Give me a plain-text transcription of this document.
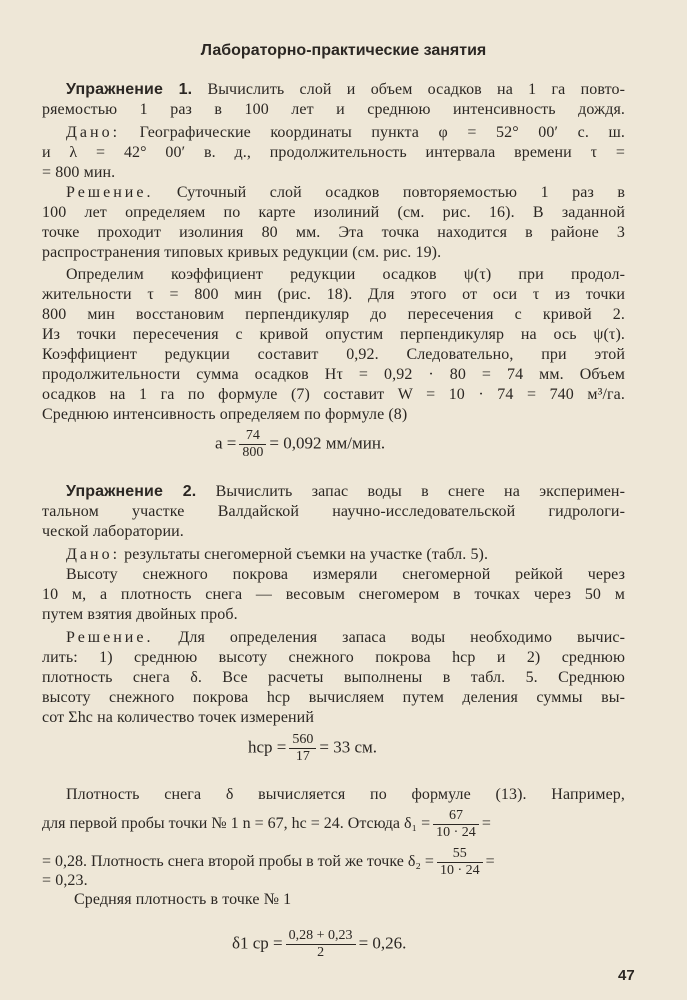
Лабораторно-практические занятия
Упражнение 1. Вычислить слой и объем осадков на 1 га повто-
ряемостью 1 раз в 100 лет и среднюю интенсивность дождя.
Дано: Географические координаты пункта φ = 52° 00′ с. ш.
и λ = 42° 00′ в. д., продолжительность интервала времени τ =
= 800 мин.
Решение. Суточный слой осадков повторяемостью 1 раз в
100 лет определяем по карте изолиний (см. рис. 16). В заданной
точке проходит изолиния 80 мм. Эта точка находится в районе 3
распространения типовых кривых редукции (см. рис. 19).
Определим коэффициент редукции осадков ψ(τ) при продол-
жительности τ = 800 мин (рис. 18). Для этого от оси τ из точки
800 мин восстановим перпендикуляр до пересечения с кривой 2.
Из точки пересечения с кривой опустим перпендикуляр на ось ψ(τ).
Коэффициент редукции составит 0,92. Следовательно, при этой
продолжительности сумма осадков Hτ = 0,92 · 80 = 74 мм. Объем
осадков на 1 га по формуле (7) составит W = 10 · 74 = 740 м³/га.
Среднюю интенсивность определяем по формуле (8)
$a = \frac{74}{800} = 0,092$ мм/мин.
Упражнение 2. Вычислить запас воды в снеге на эксперимен-
тальном участке Валдайской научно-исследовательской гидрологи-
ческой лаборатории.
Дано: результаты снегомерной съемки на участке (табл. 5).
Высоту снежного покрова измеряли снегомерной рейкой через
10 м, а плотность снега — весовым снегомером в точках через 50 м
путем взятия двойных проб.
Решение. Для определения запаса воды необходимо вычис-
лить: 1) среднюю высоту снежного покрова hср и 2) среднюю
плотность снега δ. Все расчеты выполнены в табл. 5. Среднюю
высоту снежного покрова hср вычисляем путем деления суммы вы-
сот Σhс на количество точек измерений
hср = $\frac{560}{17} = 33$ см.
Плотность снега δ вычисляется по формуле (13). Например,
для первой пробы точки № 1 n = 67, hс = 24. Отсюда $\delta_1 = \frac{67}{10 \cdot 24}$ =
= 0,28. Плотность снега второй пробы в той же точке $\delta_2 = \frac{55}{10 \cdot 24}$ =
= 0,23.
Средняя плотность в точке № 1
δ1 ср = $\frac{0,28 + 0,23}{2} = 0,26$.
47
